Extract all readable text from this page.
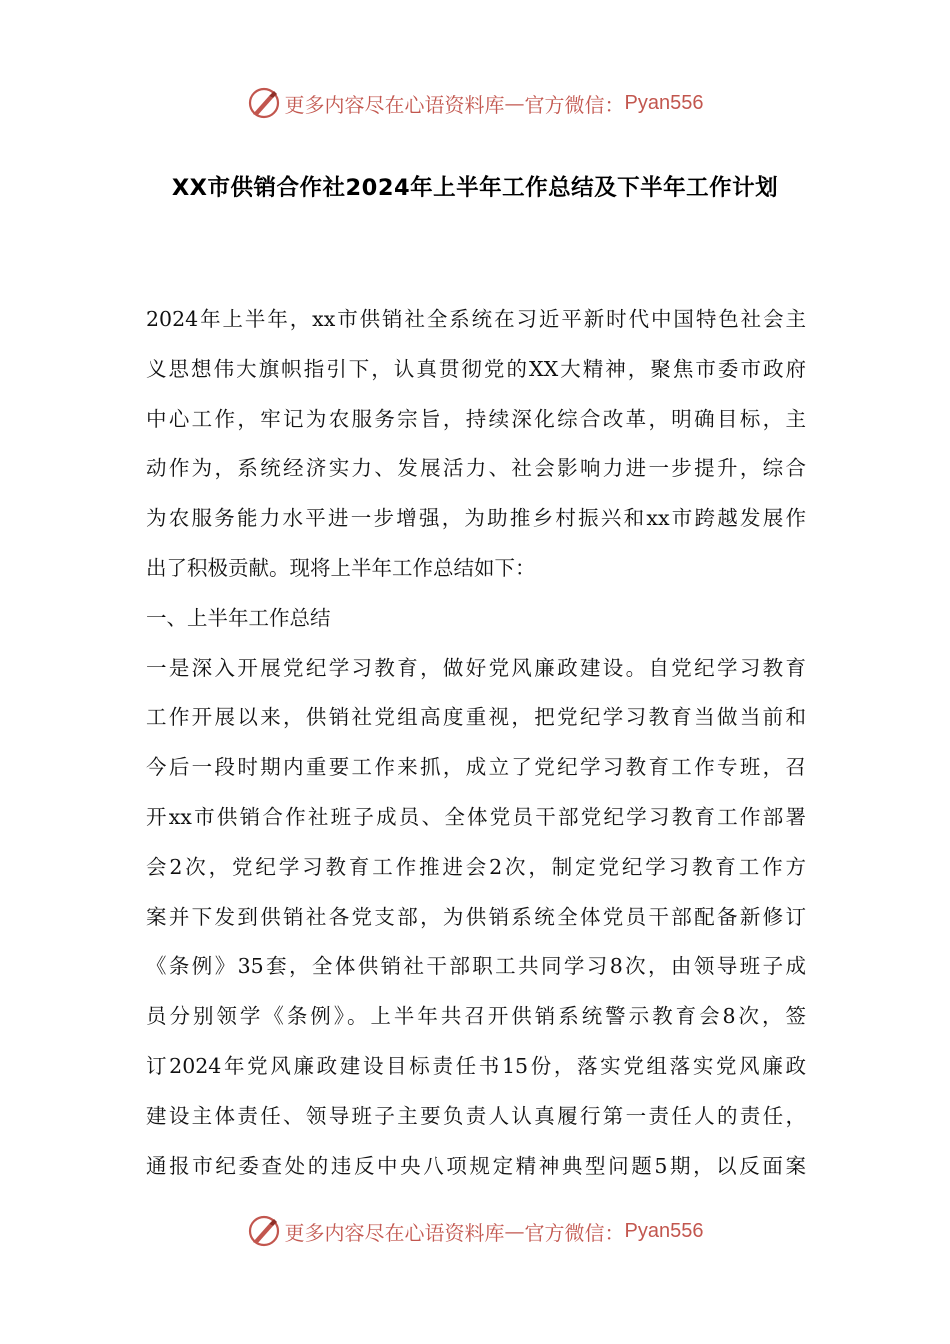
更多内容尽在心语资料库 — 官方微信： Pyan556
XX市供销合作社2024年上半年工作总结及下半年工作计划
2024年上半年，xx市供销社全系统在习近平新时代中国特色社会主
义思想伟大旗帜指引下，认真贯彻党的XX大精神，聚焦市委市政府
中心工作，牢记为农服务宗旨，持续深化综合改革，明确目标，主
动作为，系统经济实力、发展活力、社会影响力进一步提升，综合
为农服务能力水平进一步增强，为助推乡村振兴和xx市跨越发展作
出了积极贡献。现将上半年工作总结如下：
一、上半年工作总结
一是深入开展党纪学习教育，做好党风廉政建设。自党纪学习教育
工作开展以来，供销社党组高度重视，把党纪学习教育当做当前和
今后一段时期内重要工作来抓，成立了党纪学习教育工作专班，召
开xx市供销合作社班子成员、全体党员干部党纪学习教育工作部署
会2次，党纪学习教育工作推进会2次，制定党纪学习教育工作方
案并下发到供销社各党支部，为供销系统全体党员干部配备新修订
《条例》35套，全体供销社干部职工共同学习8次，由领导班子成
员分别领学《条例》。上半年共召开供销系统警示教育会8次，签
订2024年党风廉政建设目标责任书15份，落实党组落实党风廉政
建设主体责任、领导班子主要负责人认真履行第一责任人的责任，
通报市纪委查处的违反中央八项规定精神典型问题5期，以反面案
更多内容尽在心语资料库 — 官方微信： Pyan556
